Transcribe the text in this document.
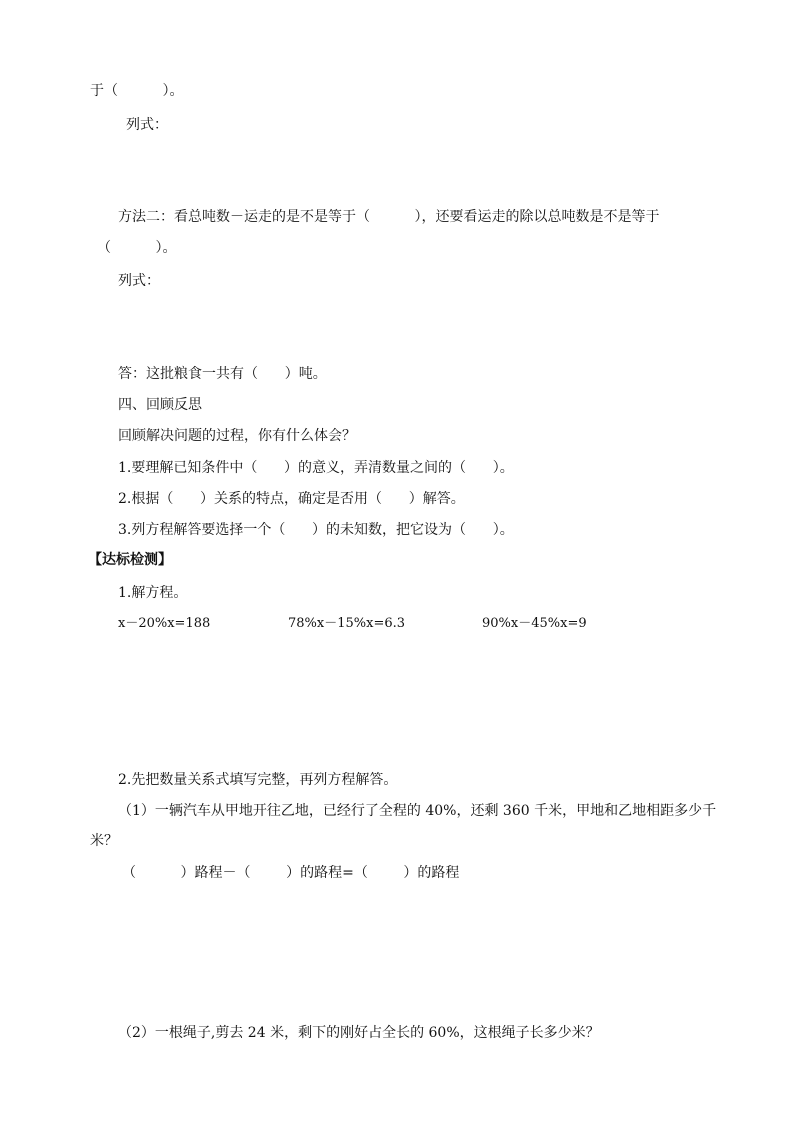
于（          ）。
列式：
方法二：看总吨数－运走的是不是等于（          ），还要看运走的除以总吨数是不是等于
（          ）。
列式：
答：这批粮食一共有（      ）吨。
四、回顾反思
回顾解决问题的过程，你有什么体会？
1.要理解已知条件中（      ）的意义，弄清数量之间的（      ）。
2.根据（      ）关系的特点，确定是否用（      ）解答。
3.列方程解答要选择一个（      ）的未知数，把它设为（      ）。
【达标检测】
1.解方程。
x－20%x=188	78%x－15%x=6.3	90%x－45%x=9
2.先把数量关系式填写完整，再列方程解答。
（1）一辆汽车从甲地开往乙地，已经行了全程的 40%，还剩 360 千米，甲地和乙地相距多少千
米？
（          ）路程－（        ）的路程=（        ）的路程
（2）一根绳子,剪去 24 米，剩下的刚好占全长的 60%，这根绳子长多少米？
